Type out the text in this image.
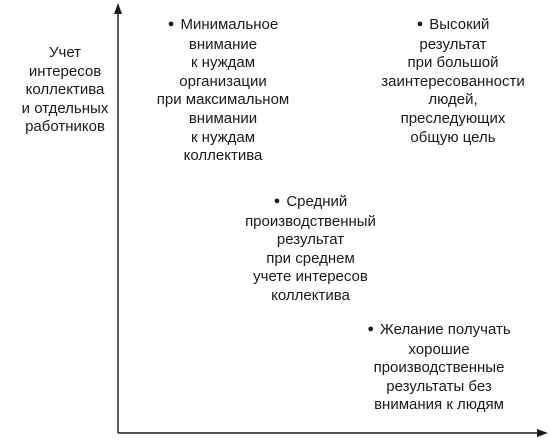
Учет
интересов
коллектива
и отдельных
работников
● Минимальное
внимание
к нуждам
организации
при максимальном
внимании
к нуждам
коллектива
● Высокий
результат
при большой
заинтересованности
людей,
преследующих
общую цель
● Средний
производственный
результат
при среднем
учете интересов
коллектива
● Желание получать
хорошие
производственные
результаты без
внимания к людям
